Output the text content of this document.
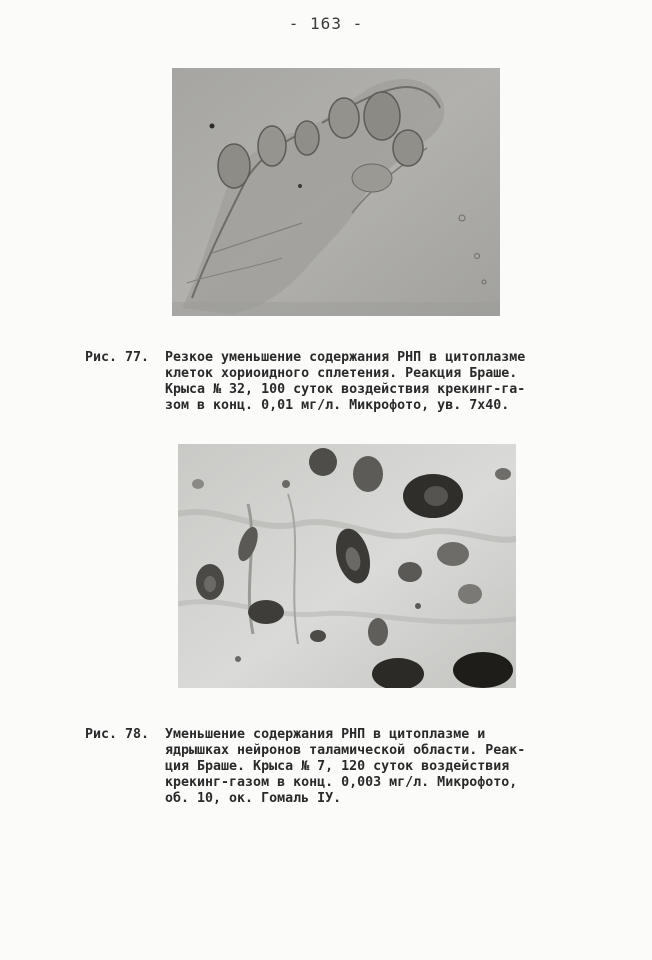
- 163 -
Рис. 77. Резкое уменьшение содержания РНП в цитоплазме
клеток хориоидного сплетения. Реакция Браше.
Крыса № 32, 100 суток воздействия крекинг-га-
зом в конц. 0,01 мг/л. Микрофото, ув. 7х40.
Рис. 78. Уменьшение содержания РНП в цитоплазме и
ядрышках нейронов таламической области. Реак-
ция Браше. Крыса № 7, 120 суток воздействия
крекинг-газом в конц. 0,003 мг/л. Микрофото,
об. 10, ок. Гомаль IУ.
